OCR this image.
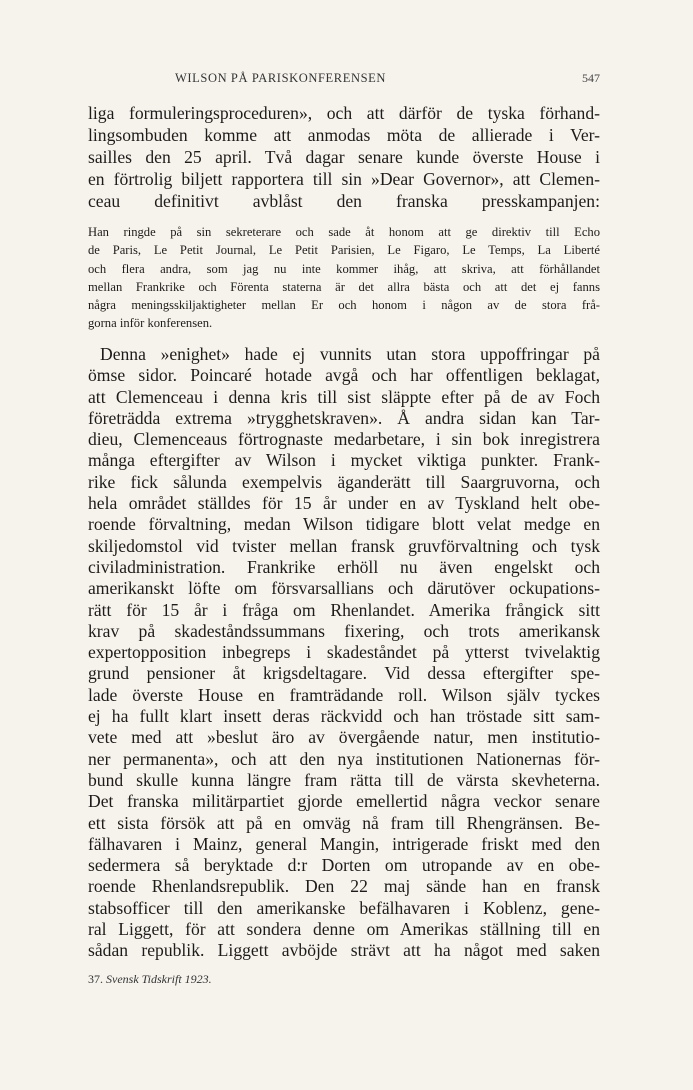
WILSON PÅ PARISKONFERENSEN	547
liga formuleringsproceduren», och att därför de tyska förhand-
lingsombuden komme att anmodas möta de allierade i Ver-
sailles den 25 april. Två dagar senare kunde överste House i
en förtrolig biljett rapportera till sin »Dear Governor», att Clemen-
ceau definitivt avblåst den franska presskampanjen:
Han ringde på sin sekreterare och sade åt honom att ge direktiv till Echo
de Paris, Le Petit Journal, Le Petit Parisien, Le Figaro, Le Temps, La Liberté
och flera andra, som jag nu inte kommer ihåg, att skriva, att förhållandet
mellan Frankrike och Förenta staterna är det allra bästa och att det ej fanns
några meningsskiljaktigheter mellan Er och honom i någon av de stora frå-
gorna inför konferensen.
Denna »enighet» hade ej vunnits utan stora uppoffringar på
ömse sidor. Poincaré hotade avgå och har offentligen beklagat,
att Clemenceau i denna kris till sist släppte efter på de av Foch
företrädda extrema »trygghetskraven». Å andra sidan kan Tar-
dieu, Clemenceaus förtrognaste medarbetare, i sin bok inregistrera
många eftergifter av Wilson i mycket viktiga punkter. Frank-
rike fick sålunda exempelvis äganderätt till Saargruvorna, och
hela området ställdes för 15 år under en av Tyskland helt obe-
roende förvaltning, medan Wilson tidigare blott velat medge en
skiljedomstol vid tvister mellan fransk gruvförvaltning och tysk
civiladministration. Frankrike erhöll nu även engelskt och
amerikanskt löfte om försvarsallians och därutöver ockupations-
rätt för 15 år i fråga om Rhenlandet. Amerika frångick sitt
krav på skadeståndssummans fixering, och trots amerikansk
expertopposition inbegreps i skadeståndet på ytterst tvivelaktig
grund pensioner åt krigsdeltagare. Vid dessa eftergifter spe-
lade överste House en framträdande roll. Wilson själv tyckes
ej ha fullt klart insett deras räckvidd och han tröstade sitt sam-
vete med att »beslut äro av övergående natur, men institutio-
ner permanenta», och att den nya institutionen Nationernas för-
bund skulle kunna längre fram rätta till de värsta skevheterna.
Det franska militärpartiet gjorde emellertid några veckor senare
ett sista försök att på en omväg nå fram till Rhengränsen. Be-
fälhavaren i Mainz, general Mangin, intrigerade friskt med den
sedermera så beryktade d:r Dorten om utropande av en obe-
roende Rhenlandsrepublik. Den 22 maj sände han en fransk
stabsofficer till den amerikanske befälhavaren i Koblenz, gene-
ral Liggett, för att sondera denne om Amerikas ställning till en
sådan republik. Liggett avböjde strävt att ha något med saken
37. Svensk Tidskrift 1923.
